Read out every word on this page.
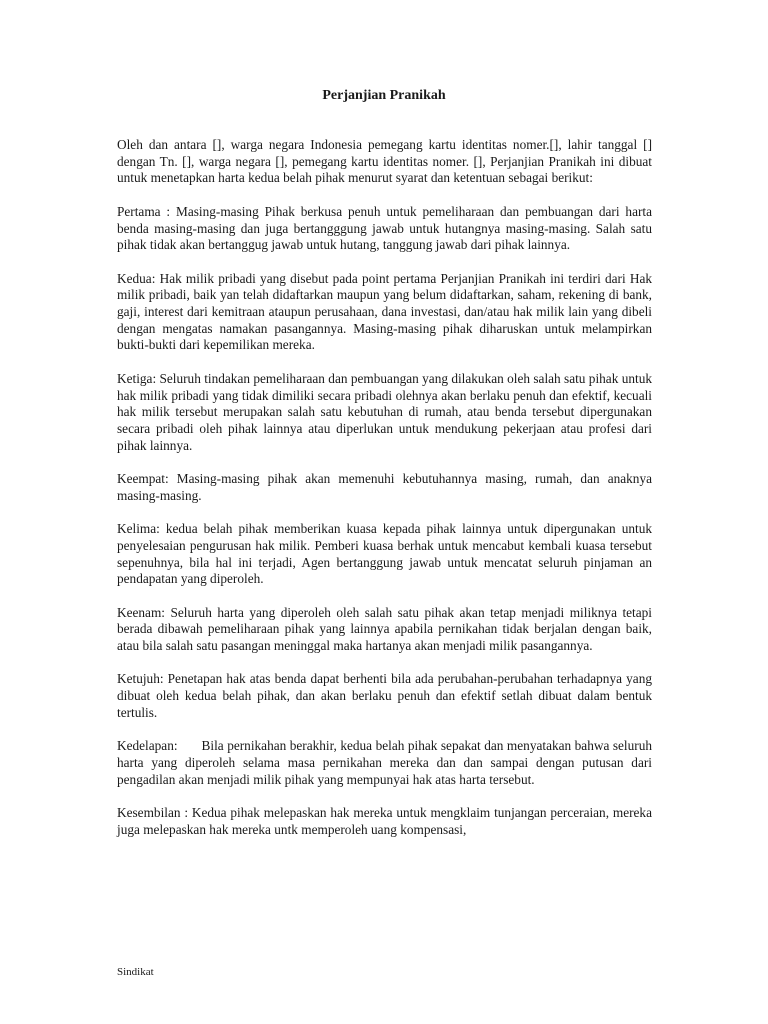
Perjanjian Pranikah

Oleh dan antara [], warga negara Indonesia pemegang kartu identitas nomer.[], lahir tanggal [] dengan Tn. [], warga negara [], pemegang kartu identitas nomer. [], Perjanjian Pranikah ini dibuat untuk menetapkan harta kedua belah pihak menurut syarat dan ketentuan sebagai berikut:

Pertama : Masing-masing Pihak berkusa penuh untuk pemeliharaan dan pembuangan dari harta benda masing-masing dan juga bertangggung jawab untuk hutangnya masing-masing. Salah satu pihak tidak akan bertanggug jawab untuk hutang, tanggung jawab dari pihak lainnya.

Kedua: Hak milik pribadi yang disebut pada point pertama Perjanjian Pranikah ini terdiri dari Hak milik pribadi, baik yan telah didaftarkan maupun yang belum didaftarkan, saham, rekening di bank, gaji, interest dari kemitraan ataupun perusahaan, dana investasi, dan/atau hak milik lain yang dibeli dengan mengatas namakan pasangannya. Masing-masing pihak diharuskan untuk melampirkan bukti-bukti dari kepemilikan mereka.

Ketiga: Seluruh tindakan pemeliharaan dan pembuangan yang dilakukan oleh salah satu pihak untuk hak milik pribadi yang tidak dimiliki secara pribadi olehnya akan berlaku penuh dan efektif, kecuali hak milik tersebut merupakan salah satu kebutuhan di rumah, atau benda tersebut dipergunakan secara pribadi oleh pihak lainnya atau diperlukan untuk mendukung pekerjaan atau profesi dari pihak lainnya.

Keempat: Masing-masing pihak akan memenuhi kebutuhannya masing, rumah, dan anaknya masing-masing.

Kelima: kedua belah pihak memberikan kuasa kepada pihak lainnya untuk dipergunakan untuk penyelesaian pengurusan hak milik. Pemberi kuasa berhak untuk mencabut kembali kuasa tersebut sepenuhnya, bila hal ini terjadi, Agen bertanggung jawab untuk mencatat seluruh pinjaman an pendapatan yang diperoleh.

Keenam: Seluruh harta yang diperoleh oleh salah satu pihak akan tetap menjadi miliknya tetapi berada dibawah pemeliharaan pihak yang lainnya apabila pernikahan tidak berjalan dengan baik, atau bila salah satu pasangan meninggal maka hartanya akan menjadi milik pasangannya.

Ketujuh: Penetapan hak atas benda dapat berhenti bila ada perubahan-perubahan terhadapnya yang dibuat oleh kedua belah pihak, dan akan berlaku penuh dan efektif setlah dibuat dalam bentuk tertulis.

Kedelapan: Bila pernikahan berakhir, kedua belah pihak sepakat dan menyatakan bahwa seluruh harta yang diperoleh selama masa pernikahan mereka dan dan sampai dengan putusan dari pengadilan akan menjadi milik pihak yang mempunyai hak atas harta tersebut.

Kesembilan : Kedua pihak melepaskan hak mereka untuk mengklaim tunjangan perceraian, mereka juga melepaskan hak mereka untk memperoleh uang kompensasi,

Sindikat
